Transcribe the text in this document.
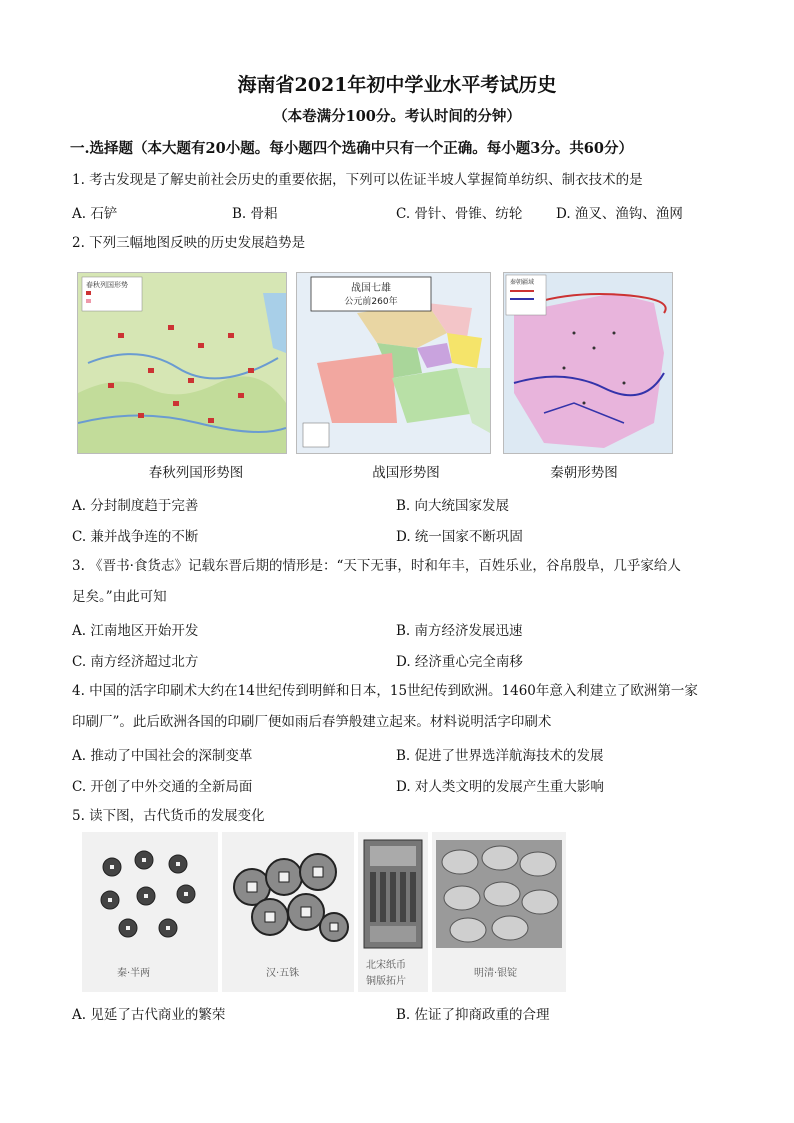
海南省2021年初中学业水平考试历史
（本卷满分100分。考认时间的分钟）
一.选择题（本大题有20小题。每小题四个选确中只有一个正确。每小题3分。共60分）
1. 考古发现是了解史前社会历史的重要依据，下列可以佐证半坡人掌握简单纺织、制衣技术的是
A. 石铲	B. 骨耜	C. 骨针、骨锥、纺轮 D. 渔叉、渔钩、渔网
2. 下列三幅地图反映的历史发展趋势是
春秋列国形势	战国七雄
公元前260年
秦朝疆域
春秋列国形势图	战国形势图	秦朝形势图
A. 分封制度趋于完善	B. 向大统国家发展
C. 兼并战争连的不断	D. 统一国家不断巩固
3. 《晋书·食货志》记载东晋后期的情形是：“天下无事，时和年丰，百姓乐业，谷帛殷阜，几乎家给人
足矣。”由此可知
A. 江南地区开始开发	B. 南方经济发展迅速
C. 南方经济超过北方	D. 经济重心完全南移
4. 中国的活字印刷术大约在14世纪传到明鲜和日本，15世纪传到欧洲。1460年意入利建立了欧洲第一家
印刷厂”。此后欧洲各国的印刷厂便如雨后春笋般建立起来。材料说明活字印刷术
A. 推动了中国社会的深制变革	B. 促进了世界选洋航海技术的发展
C. 开创了中外交通的全新局面	D. 对人类文明的发展产生重大影响
5. 读下图，古代货币的发展变化
秦·半两	汉·五铢
北宋纸币
铜版拓片
明清·银锭
A. 见延了古代商业的繁荣	B. 佐证了抑商政重的合理
